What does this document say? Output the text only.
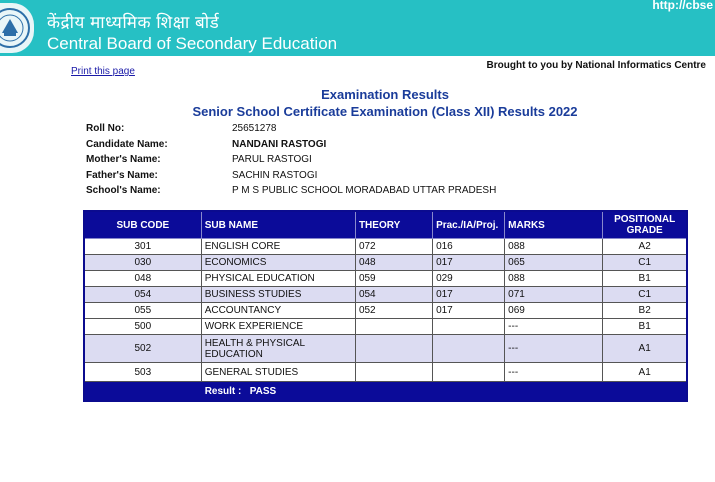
केंद्रीय माध्यमिक शिक्षा बोर्ड
Central Board of Secondary Education
http://cbse
Print this page
Brought to you by National Informatics Centre
Examination Results
Senior School Certificate Examination (Class XII) Results 2022
Roll No:	25651278
Candidate Name:	NANDANI RASTOGI
Mother's Name:	PARUL RASTOGI
Father's Name:	SACHIN RASTOGI
School's Name:	P M S PUBLIC SCHOOL MORADABAD UTTAR PRADESH
SUB CODE	SUB NAME	THEORY	Prac./IA/Proj.	MARKS	POSITIONAL GRADE
301	ENGLISH CORE	072	016	088	A2
030	ECONOMICS	048	017	065	C1
048	PHYSICAL EDUCATION	059	029	088	B1
054	BUSINESS STUDIES	054	017	071	C1
055	ACCOUNTANCY	052	017	069	B2
500	WORK EXPERIENCE			---	B1
502	HEALTH & PHYSICAL EDUCATION			---	A1
503	GENERAL STUDIES			---	A1
	Result : PASS				
